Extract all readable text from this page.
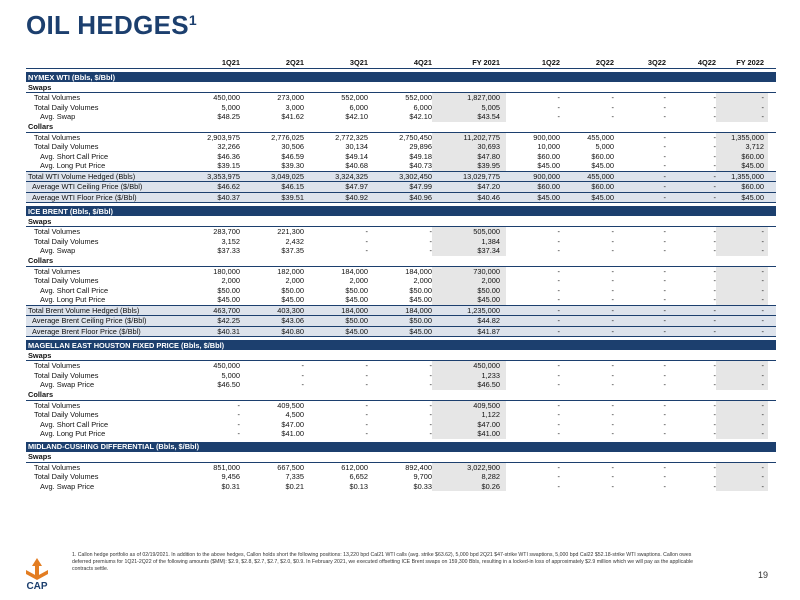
OIL HEDGES$^1$
1Q21	2Q21	3Q21	4Q21	FY 2021	1Q22	2Q22	3Q22	4Q22	FY 2022
NYMEX WTI (Bbls, $/Bbl)
Swaps
Total Volumes	450,000	273,000	552,000	552,000	1,827,000	-	-	-	-	-
Total Daily Volumes	5,000	3,000	6,000	6,000	5,005	-	-	-	-	-
Avg. Swap	$48.25	$41.62	$42.10	$42.10	$43.54	-	-	-	-	-
Collars
Total Volumes	2,903,975	2,776,025	2,772,325	2,750,450	11,202,775	900,000	455,000	-	-	1,355,000
Total Daily Volumes	32,266	30,506	30,134	29,896	30,693	10,000	5,000	-	-	3,712
Avg. Short Call Price	$46.36	$46.59	$49.14	$49.18	$47.80	$60.00	$60.00	-	-	$60.00
Avg. Long Put Price	$39.15	$39.30	$40.68	$40.73	$39.95	$45.00	$45.00	-	-	$45.00
Total WTI Volume Hedged (Bbls)	3,353,975	3,049,025	3,324,325	3,302,450	13,029,775	900,000	455,000	-	-	1,355,000
Average WTI Ceiling Price ($/Bbl)	$46.62	$46.15	$47.97	$47.99	$47.20	$60.00	$60.00	-	-	$60.00
Average WTI Floor Price ($/Bbl)	$40.37	$39.51	$40.92	$40.96	$40.46	$45.00	$45.00	-	-	$45.00
ICE BRENT (Bbls, $/Bbl)
Swaps
Total Volumes	283,700	221,300	-	-	505,000	-	-	-	-	-
Total Daily Volumes	3,152	2,432	-	-	1,384	-	-	-	-	-
Avg. Swap	$37.33	$37.35	-	-	$37.34	-	-	-	-	-
Collars
Total Volumes	180,000	182,000	184,000	184,000	730,000	-	-	-	-	-
Total Daily Volumes	2,000	2,000	2,000	2,000	2,000	-	-	-	-	-
Avg. Short Call Price	$50.00	$50.00	$50.00	$50.00	$50.00	-	-	-	-	-
Avg. Long Put Price	$45.00	$45.00	$45.00	$45.00	$45.00	-	-	-	-	-
Total Brent Volume Hedged (Bbls)	463,700	403,300	184,000	184,000	1,235,000	-	-	-	-	-
Average Brent Ceiling Price ($/Bbl)	$42.25	$43.06	$50.00	$50.00	$44.82	-	-	-	-	-
Average Brent Floor Price ($/Bbl)	$40.31	$40.80	$45.00	$45.00	$41.87	-	-	-	-	-
MAGELLAN EAST HOUSTON FIXED PRICE (Bbls, $/Bbl)
Swaps
Total Volumes	450,000	-	-	-	450,000	-	-	-	-	-
Total Daily Volumes	5,000	-	-	-	1,233	-	-	-	-	-
Avg. Swap Price	$46.50	-	-	-	$46.50	-	-	-	-	-
Collars
Total Volumes	-	409,500	-	-	409,500	-	-	-	-	-
Total Daily Volumes	-	4,500	-	-	1,122	-	-	-	-	-
Avg. Short Call Price	-	$47.00	-	-	$47.00	-	-	-	-	-
Avg. Long Put Price	-	$41.00	-	-	$41.00	-	-	-	-	-
MIDLAND-CUSHING DIFFERENTIAL (Bbls, $/Bbl)
Swaps
Total Volumes	851,000	667,500	612,000	892,400	3,022,900	-	-	-	-	-
Total Daily Volumes	9,456	7,335	6,652	9,700	8,282	-	-	-	-	-
Avg. Swap Price	$0.31	$0.21	$0.13	$0.33	$0.26	-	-	-	-	-
CAP
1. Callon hedge portfolio as of 02/19/2021. In addition to the above hedges, Callon holds short the following positions: 13,220 bpd Cal21 WTI calls (avg. strike $63.62), 5,000 bpd 2Q21 $47-strike WTI swaptions, 5,000 bpd Cal22 $52.18-strike WTI swaptions. Callon owes deferred premiums for 1Q21-2Q22 of the following amounts ($MM): $2.9, $2.8, $2.7, $2.7, $2.0, $0.9. In February 2021, we executed offsetting ICE Brent swaps on 159,300 Bbls, resulting in a locked-in loss of approximately $2.9 million which we will pay as the applicable contracts settle.
19
